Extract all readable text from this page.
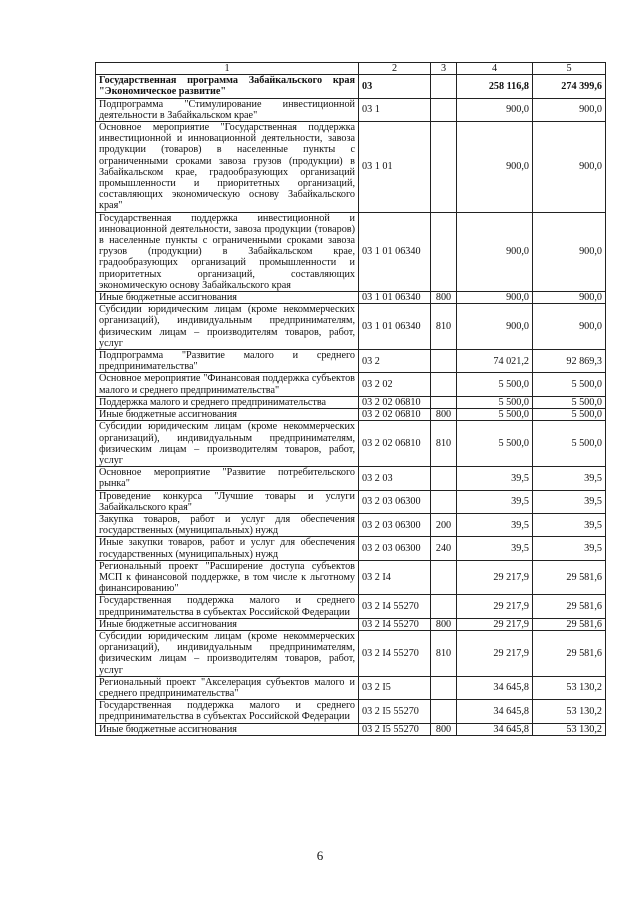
1	2	3	4	5
Государственная программа Забайкальского края "Экономическое развитие"	03		258 116,8	274 399,6
Подпрограмма "Стимулирование инвестиционной деятельности в Забайкальском крае"	03 1		900,0	900,0
Основное мероприятие "Государственная поддержка инвестиционной и инновационной деятельности, завоза продукции (товаров) в населенные пункты с ограниченными сроками завоза грузов (продукции) в Забайкальском крае, градообразующих организаций промышленности и приоритетных организаций, составляющих экономическую основу Забайкальского края"	03 1 01		900,0	900,0
Государственная поддержка инвестиционной и инновационной деятельности, завоза продукции (товаров) в населенные пункты с ограниченными сроками завоза грузов (продукции) в Забайкальском крае, градообразующих организаций промышленности и приоритетных организаций, составляющих экономическую основу Забайкальского края	03 1 01 06340		900,0	900,0
Иные бюджетные ассигнования	03 1 01 06340	800	900,0	900,0
Субсидии юридическим лицам (кроме некоммерческих организаций), индивидуальным предпринимателям, физическим лицам – производителям товаров, работ, услуг	03 1 01 06340	810	900,0	900,0
Подпрограмма "Развитие малого и среднего предпринимательства"	03 2		74 021,2	92 869,3
Основное мероприятие "Финансовая поддержка субъектов малого и среднего предпринимательства"	03 2 02		5 500,0	5 500,0
Поддержка малого и среднего предпринимательства	03 2 02 06810		5 500,0	5 500,0
Иные бюджетные ассигнования	03 2 02 06810	800	5 500,0	5 500,0
Субсидии юридическим лицам (кроме некоммерческих организаций), индивидуальным предпринимателям, физическим лицам – производителям товаров, работ, услуг	03 2 02 06810	810	5 500,0	5 500,0
Основное мероприятие "Развитие потребительского рынка"	03 2 03		39,5	39,5
Проведение конкурса "Лучшие товары и услуги Забайкальского края"	03 2 03 06300		39,5	39,5
Закупка товаров, работ и услуг для обеспечения государственных (муниципальных) нужд	03 2 03 06300	200	39,5	39,5
Иные закупки товаров, работ и услуг для обеспечения государственных (муниципальных) нужд	03 2 03 06300	240	39,5	39,5
Региональный проект "Расширение доступа субъектов МСП к финансовой поддержке, в том числе к льготному финансированию"	03 2 I4		29 217,9	29 581,6
Государственная поддержка малого и среднего предпринимательства в субъектах Российской Федерации	03 2 I4 55270		29 217,9	29 581,6
Иные бюджетные ассигнования	03 2 I4 55270	800	29 217,9	29 581,6
Субсидии юридическим лицам (кроме некоммерческих организаций), индивидуальным предпринимателям, физическим лицам – производителям товаров, работ, услуг	03 2 I4 55270	810	29 217,9	29 581,6
Региональный проект "Акселерация субъектов малого и среднего предпринимательства"	03 2 I5		34 645,8	53 130,2
Государственная поддержка малого и среднего предпринимательства в субъектах Российской Федерации	03 2 I5 55270		34 645,8	53 130,2
Иные бюджетные ассигнования	03 2 I5 55270	800	34 645,8	53 130,2
6
